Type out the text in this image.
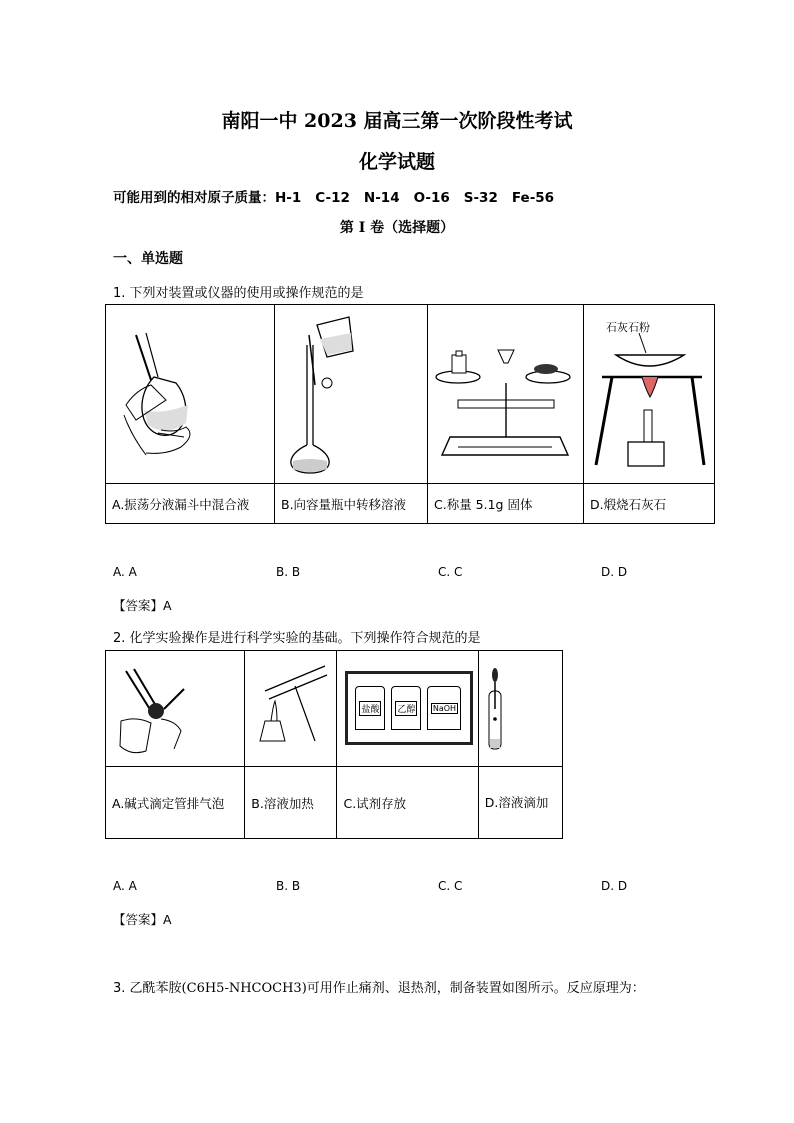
南阳一中 2023 届高三第一次阶段性考试
化学试题
可能用到的相对原子质量：H-1 C-12 N-14 O-16 S-32 Fe-56
第 I 卷（选择题）
一、单选题
1. 下列对装置或仪器的使用或操作规范的是

石灰石粉

A.振荡分液漏斗中混合液	B.向容量瓶中转移溶液	C.称量 5.1g 固体	D.煅烧石灰石
A. A	B. B	C. C	D. D
【答案】A
2. 化学实验操作是进行科学实验的基础。下列操作符合规范的是

盐酸 乙醇 NaOH

A.碱式滴定管排气泡	B.溶液加热	C.试剂存放	D.溶液滴加
A. A	B. B	C. C	D. D
【答案】A
3. 乙酰苯胺(C6H5-NHCOCH3)可用作止痛剂、退热剂，制备装置如图所示。反应原理为：
